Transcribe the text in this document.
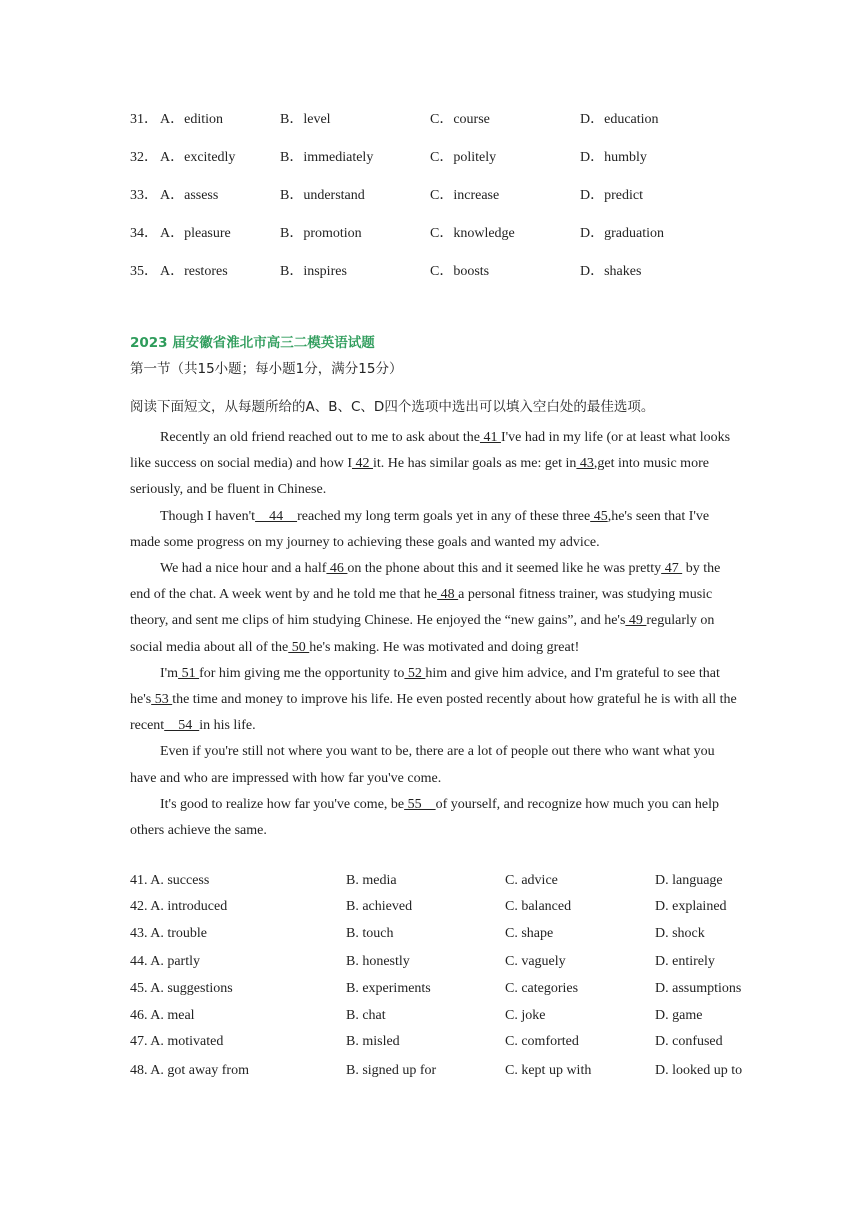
31． A．edition	B．level	C．course	D．education
32． A．excitedly	B．immediately	C．politely	D．humbly
33． A．assess	B．understand	C．increase	D．predict
34． A．pleasure	B．promotion	C．knowledge	D．graduation
35． A．restores	B．inspires	C．boosts	D．shakes
2023 届安徽省淮北市高三二模英语试题
第一节（共15小题；每小题1分，满分15分）
阅读下面短文，从每题所给的A、B、C、D四个选项中选出可以填入空白处的最佳选项。

Recently an old friend reached out to me to ask about the 41 I've had in my life (or at least what looks like success on social media) and how I 42 it. He has similar goals as me: get in 43,get into music more seriously, and be fluent in Chinese.

Though I haven't    44    reached my long term goals yet in any of these three 45,he's seen that I've made some progress on my journey to achieving these goals and wanted my advice.

We had a nice hour and a half 46 on the phone about this and it seemed like he was pretty 47  by the end of the chat. A week went by and he told me that he 48 a personal fitness trainer, was studying music theory, and sent me clips of him studying Chinese. He enjoyed the “new gains”, and he's 49 regularly on social media about all of the 50 he's making. He was motivated and doing great!

I'm 51 for him giving me the opportunity to 52 him and give him advice, and I'm grateful to see that he's 53 the time and money to improve his life. He even posted recently about how grateful he is with all the recent    54  in his life.

Even if you're still not where you want to be, there are a lot of people out there who want what you have and who are impressed with how far you've come.

It's good to realize how far you've come, be 55    of yourself, and recognize how much you can help others achieve the same.

41. A. success	B. media	C. advice	D. language
42. A. introduced	B. achieved	C. balanced	D. explained
43. A. trouble	B. touch	C. shape	D. shock
44. A. partly	B. honestly	C. vaguely	D. entirely
45. A. suggestions	B. experiments	C. categories	D. assumptions
46. A. meal	B. chat	C. joke	D. game
47. A. motivated	B. misled	C. comforted	D. confused
48. A. got away from	B. signed up for	C. kept up with	D. looked up to
